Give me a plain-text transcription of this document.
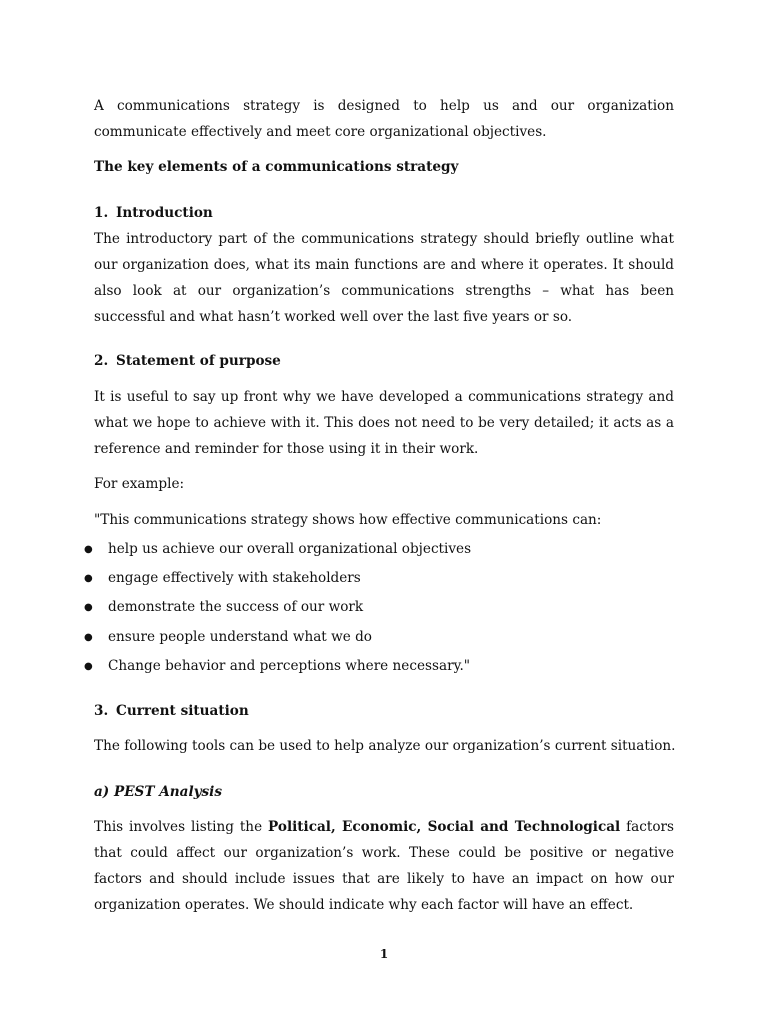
A communications strategy is designed to help us and our organization communicate effectively and meet core organizational objectives.

The key elements of a communications strategy

1. Introduction

The introductory part of the communications strategy should briefly outline what our organization does, what its main functions are and where it operates. It should also look at our organization’s communications strengths – what has been successful and what hasn’t worked well over the last five years or so.

2. Statement of purpose

It is useful to say up front why we have developed a communications strategy and what we hope to achieve with it. This does not need to be very detailed; it acts as a reference and reminder for those using it in their work.

For example:

"This communications strategy shows how effective communications can:

● help us achieve our overall organizational objectives
● engage effectively with stakeholders
● demonstrate the success of our work
● ensure people understand what we do
● Change behavior and perceptions where necessary."

3. Current situation

The following tools can be used to help analyze our organization’s current situation.

a) PEST Analysis

This involves listing the Political, Economic, Social and Technological factors that could affect our organization’s work. These could be positive or negative factors and should include issues that are likely to have an impact on how our organization operates. We should indicate why each factor will have an effect.

1
